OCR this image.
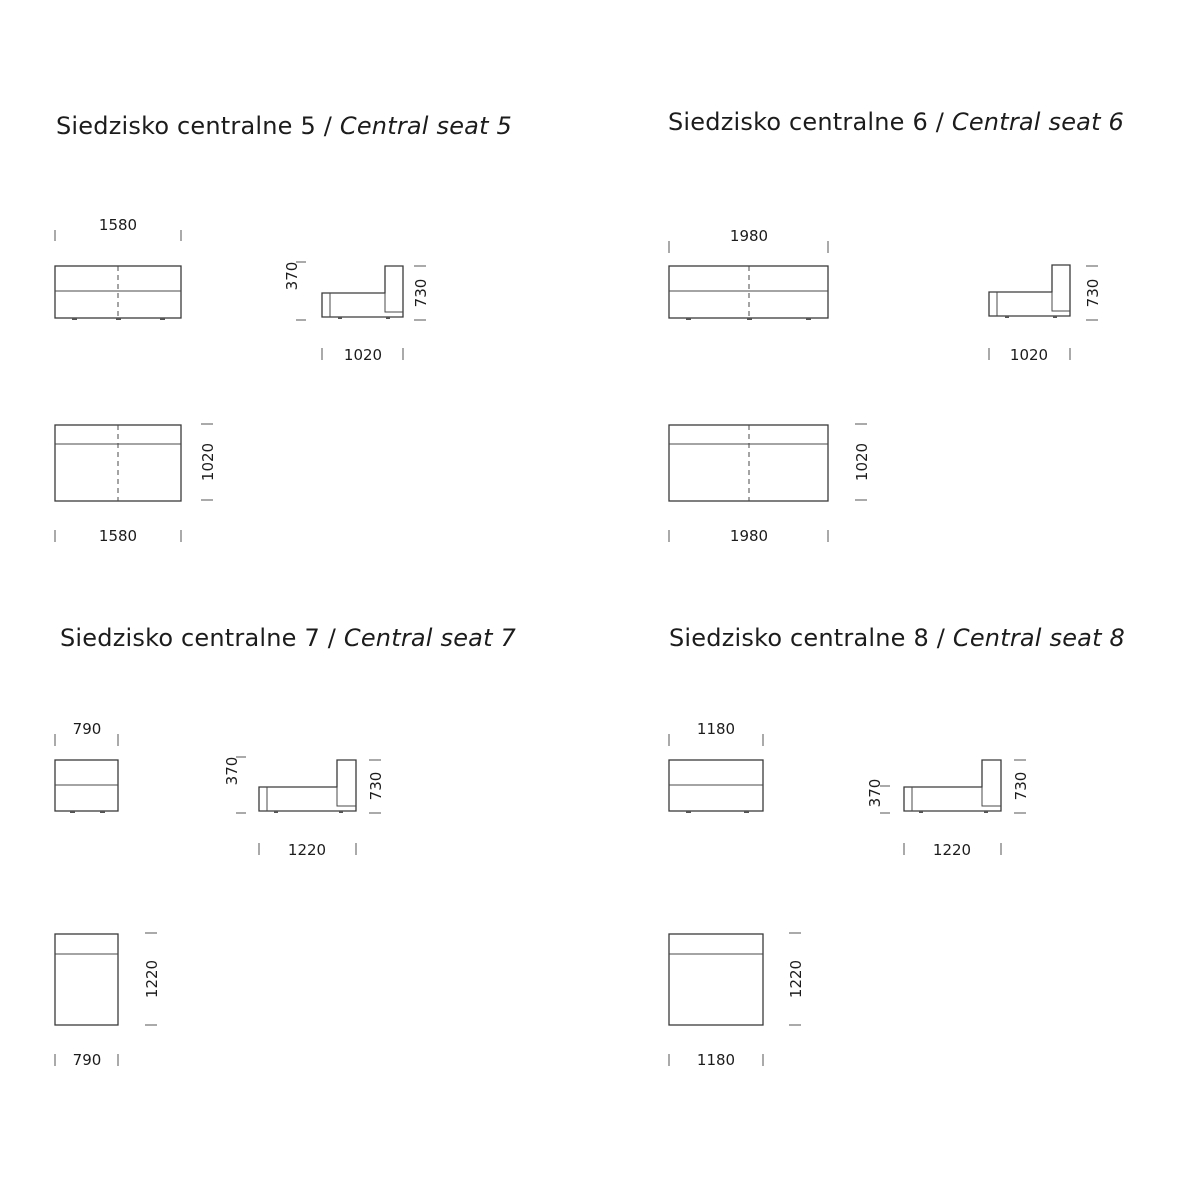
Siedzisko centralne 5 / Central seat 5	Siedzisko centralne 6 / Central seat 6
Siedzisko centralne 7 / Central seat 7	Siedzisko centralne 8 / Central seat 8
1580
370
730
1020
1020
1580
1980
730
1020
1020
1980
790
370
730
1220
1220
790
1180
370	730
1220
1220
1180
